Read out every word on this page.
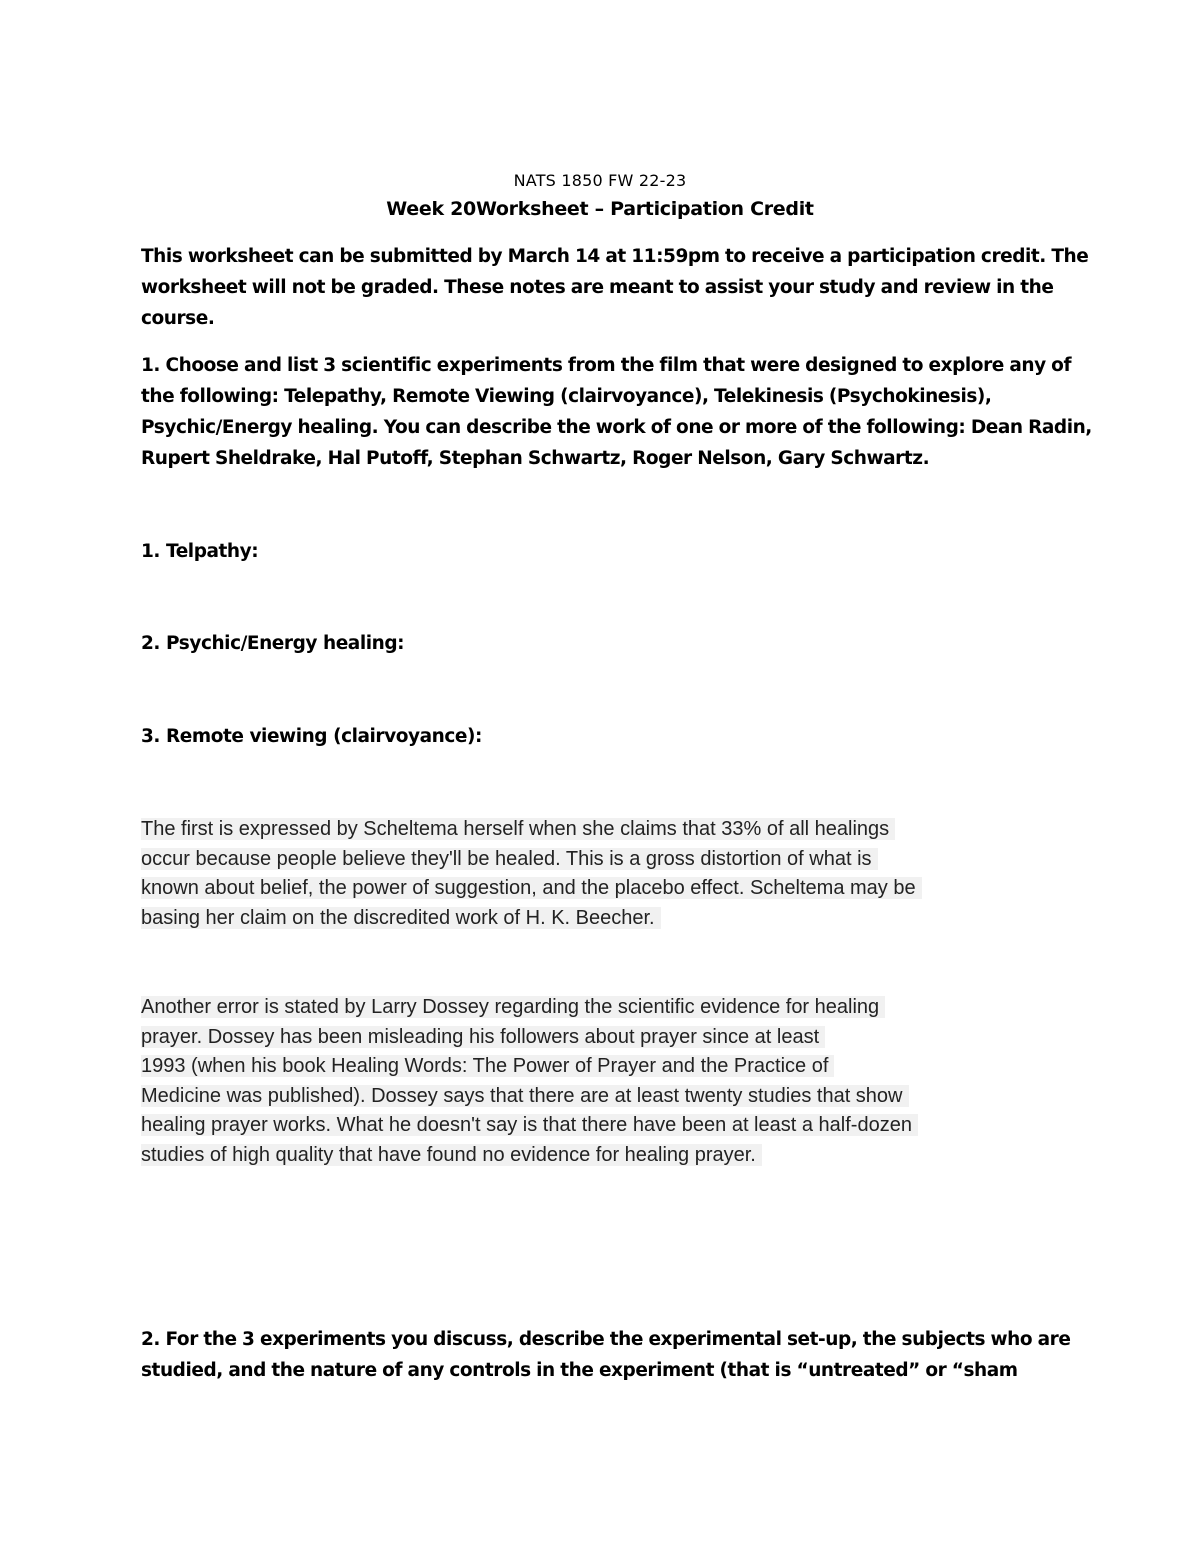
NATS 1850 FW 22-23
Week 20Worksheet – Participation Credit
This worksheet can be submitted by March 14 at 11:59pm to receive a participation credit. The
worksheet will not be graded. These notes are meant to assist your study and review in the
course.
1. Choose and list 3 scientific experiments from the film that were designed to explore any of
the following: Telepathy, Remote Viewing (clairvoyance), Telekinesis (Psychokinesis),
Psychic/Energy healing. You can describe the work of one or more of the following: Dean Radin,
Rupert Sheldrake, Hal Putoff, Stephan Schwartz, Roger Nelson, Gary Schwartz.
1. Telpathy:
2. Psychic/Energy healing:
3. Remote viewing (clairvoyance):
The first is expressed by Scheltema herself when she claims that 33% of all healings
occur because people believe they'll be healed. This is a gross distortion of what is
known about belief, the power of suggestion, and the placebo effect. Scheltema may be
basing her claim on the discredited work of H. K. Beecher.
Another error is stated by Larry Dossey regarding the scientific evidence for healing
prayer. Dossey has been misleading his followers about prayer since at least
1993 (when his book Healing Words: The Power of Prayer and the Practice of
Medicine was published). Dossey says that there are at least twenty studies that show
healing prayer works. What he doesn't say is that there have been at least a half-dozen
studies of high quality that have found no evidence for healing prayer.
2. For the 3 experiments you discuss, describe the experimental set-up, the subjects who are
studied, and the nature of any controls in the experiment (that is “untreated” or “sham
